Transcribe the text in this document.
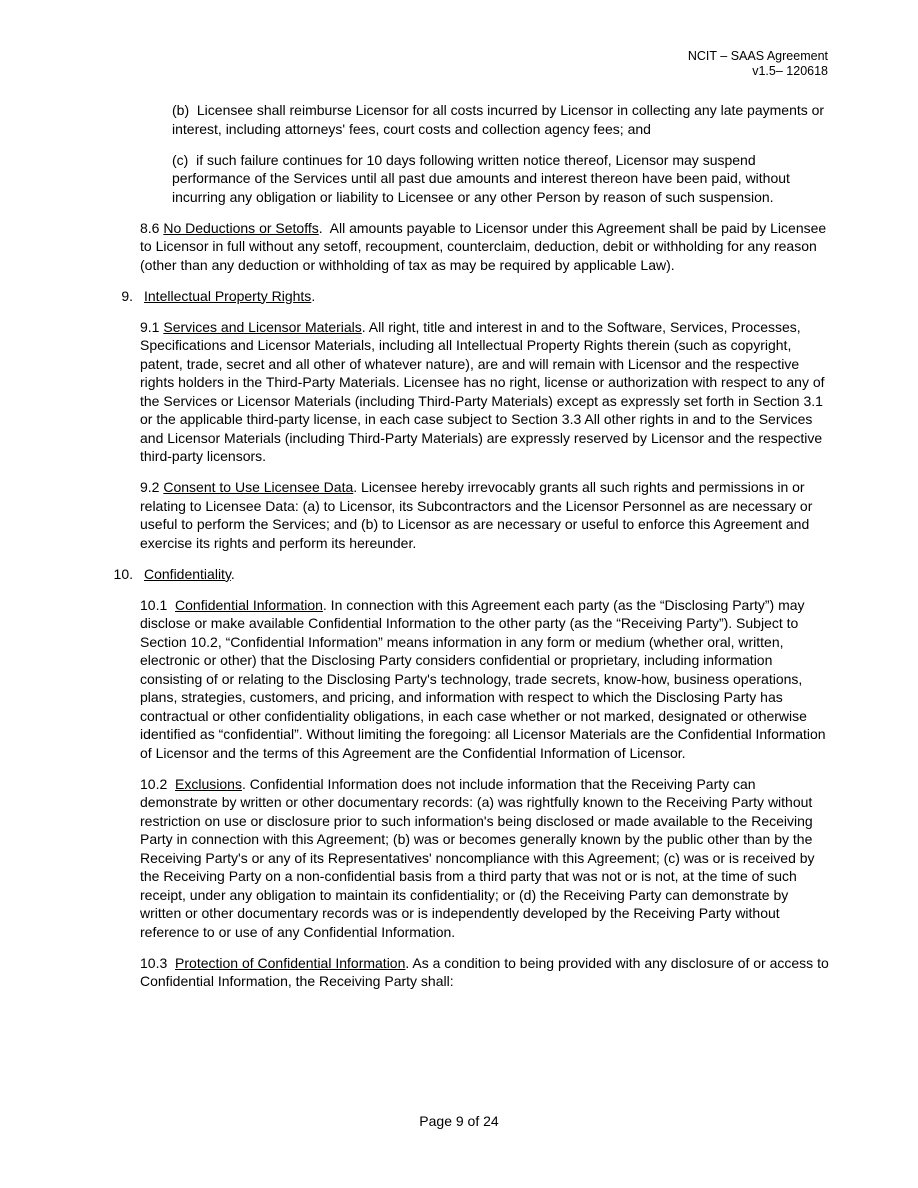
NCIT – SAAS Agreement
v1.5– 120618

(b)  Licensee shall reimburse Licensor for all costs incurred by Licensor in collecting any late payments or interest, including attorneys' fees, court costs and collection agency fees; and

(c)  if such failure continues for 10 days following written notice thereof, Licensor may suspend performance of the Services until all past due amounts and interest thereon have been paid, without incurring any obligation or liability to Licensee or any other Person by reason of such suspension.

8.6 No Deductions or Setoffs.  All amounts payable to Licensor under this Agreement shall be paid by Licensee to Licensor in full without any setoff, recoupment, counterclaim, deduction, debit or withholding for any reason (other than any deduction or withholding of tax as may be required by applicable Law).

9. Intellectual Property Rights.

9.1 Services and Licensor Materials. All right, title and interest in and to the Software, Services, Processes, Specifications and Licensor Materials, including all Intellectual Property Rights therein (such as copyright, patent, trade, secret and all other of whatever nature), are and will remain with Licensor and the respective rights holders in the Third-Party Materials. Licensee has no right, license or authorization with respect to any of the Services or Licensor Materials (including Third-Party Materials) except as expressly set forth in Section 3.1 or the applicable third-party license, in each case subject to Section 3.3 All other rights in and to the Services and Licensor Materials (including Third-Party Materials) are expressly reserved by Licensor and the respective third-party licensors.

9.2 Consent to Use Licensee Data. Licensee hereby irrevocably grants all such rights and permissions in or relating to Licensee Data: (a) to Licensor, its Subcontractors and the Licensor Personnel as are necessary or useful to perform the Services; and (b) to Licensor as are necessary or useful to enforce this Agreement and exercise its rights and perform its hereunder.

10. Confidentiality.

10.1  Confidential Information. In connection with this Agreement each party (as the “Disclosing Party”) may disclose or make available Confidential Information to the other party (as the “Receiving Party”). Subject to Section 10.2, “Confidential Information” means information in any form or medium (whether oral, written, electronic or other) that the Disclosing Party considers confidential or proprietary, including information consisting of or relating to the Disclosing Party's technology, trade secrets, know-how, business operations, plans, strategies, customers, and pricing, and information with respect to which the Disclosing Party has contractual or other confidentiality obligations, in each case whether or not marked, designated or otherwise identified as “confidential”. Without limiting the foregoing: all Licensor Materials are the Confidential Information of Licensor and the terms of this Agreement are the Confidential Information of Licensor.

10.2  Exclusions. Confidential Information does not include information that the Receiving Party can demonstrate by written or other documentary records: (a) was rightfully known to the Receiving Party without restriction on use or disclosure prior to such information's being disclosed or made available to the Receiving Party in connection with this Agreement; (b) was or becomes generally known by the public other than by the Receiving Party's or any of its Representatives' noncompliance with this Agreement; (c) was or is received by the Receiving Party on a non-confidential basis from a third party that was not or is not, at the time of such receipt, under any obligation to maintain its confidentiality; or (d) the Receiving Party can demonstrate by written or other documentary records was or is independently developed by the Receiving Party without reference to or use of any Confidential Information.

10.3  Protection of Confidential Information. As a condition to being provided with any disclosure of or access to Confidential Information, the Receiving Party shall:

Page 9 of 24
